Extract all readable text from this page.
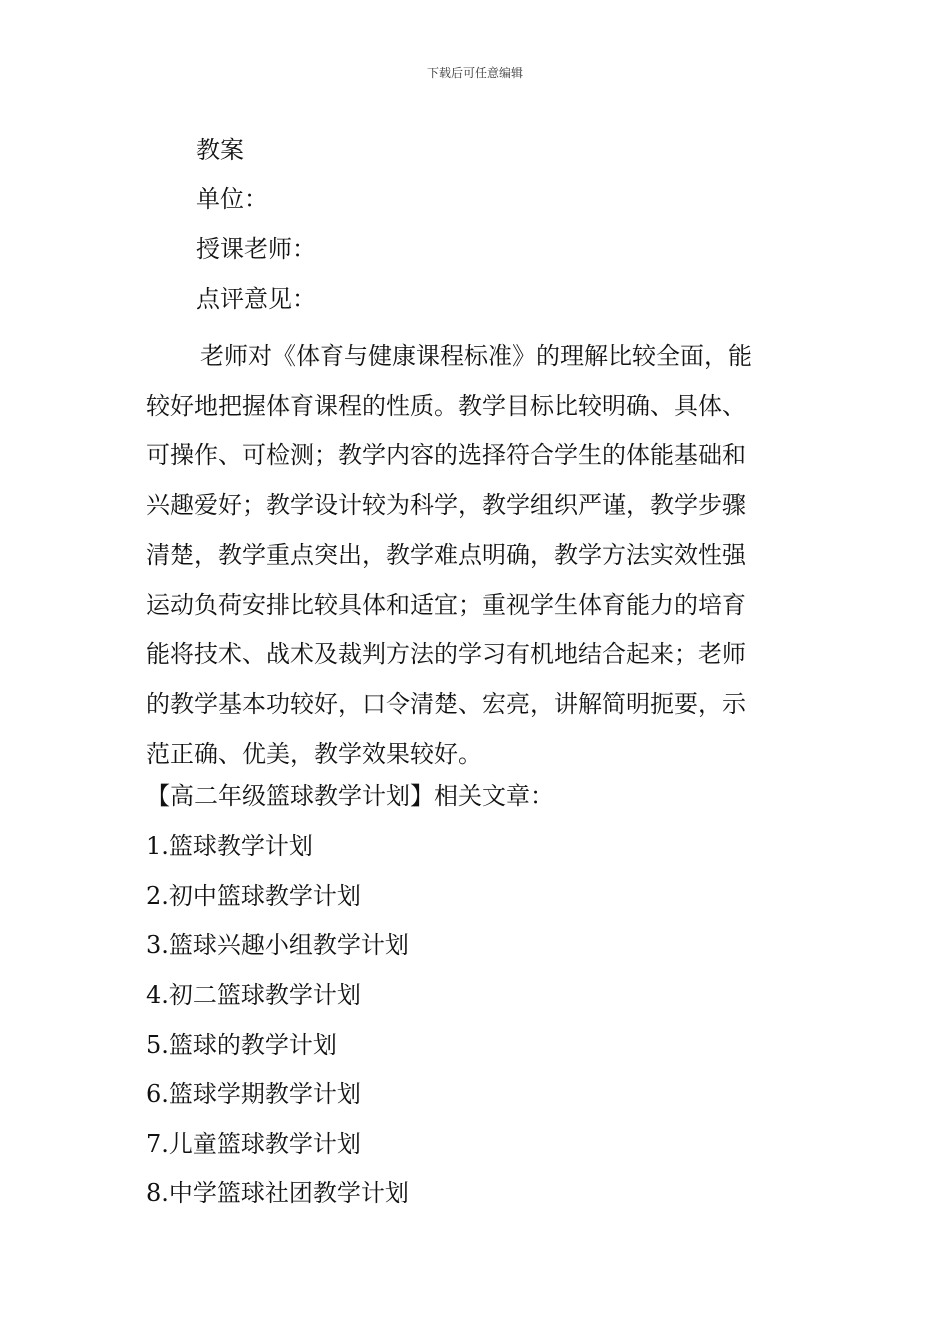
下载后可任意编辑
教案
单位：
授课老师：
点评意见：
老师对《体育与健康课程标准》的理解比较全面，能
较好地把握体育课程的性质。教学目标比较明确、具体、
可操作、可检测；教学内容的选择符合学生的体能基础和
兴趣爱好；教学设计较为科学，教学组织严谨，教学步骤
清楚，教学重点突出，教学难点明确，教学方法实效性强
运动负荷安排比较具体和适宜；重视学生体育能力的培育
能将技术、战术及裁判方法的学习有机地结合起来；老师
的教学基本功较好，口令清楚、宏亮，讲解简明扼要，示
范正确、优美，教学效果较好。
【高二年级篮球教学计划】相关文章：
1.篮球教学计划
2.初中篮球教学计划
3.篮球兴趣小组教学计划
4.初二篮球教学计划
5.篮球的教学计划
6.篮球学期教学计划
7.儿童篮球教学计划
8.中学篮球社团教学计划
